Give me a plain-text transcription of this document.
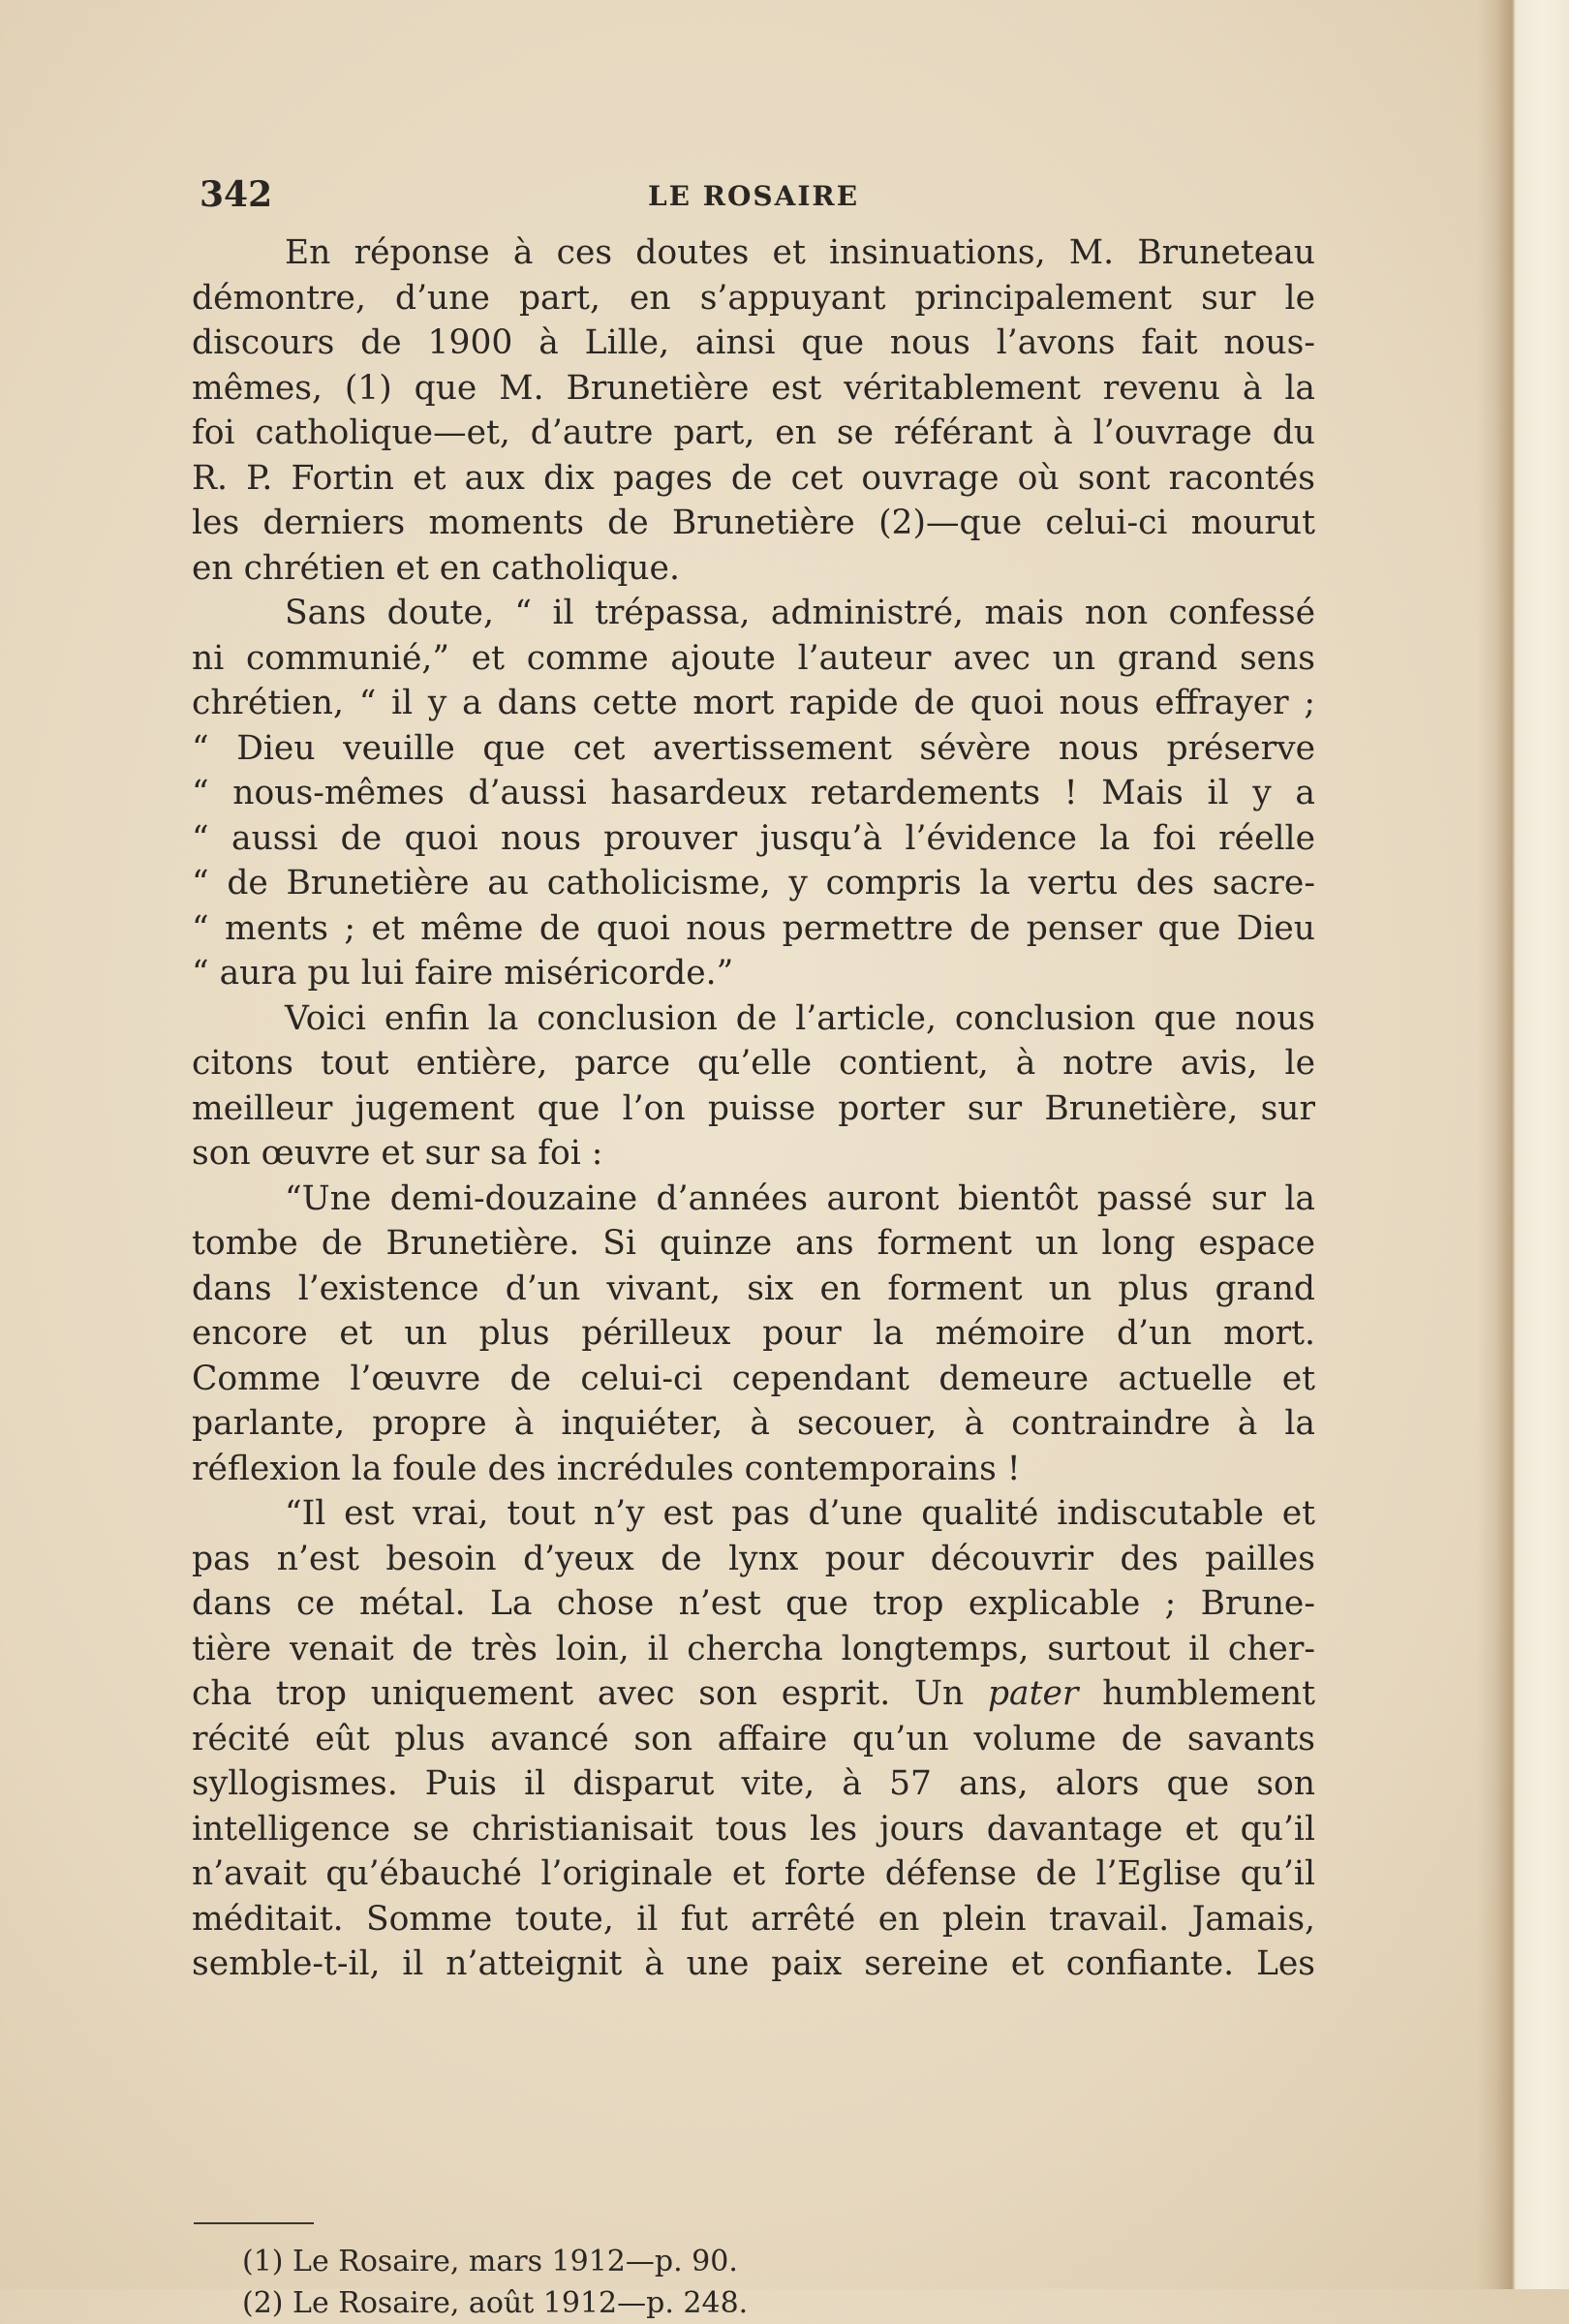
342	LE ROSAIRE
En réponse à ces doutes et insinuations, M. Bruneteau
démontre, d’une part, en s’appuyant principalement sur le
discours de 1900 à Lille, ainsi que nous l’avons fait nous-
mêmes, (1) que M. Brunetière est véritablement revenu à la
foi catholique—et, d’autre part, en se référant à l’ouvrage du
R. P. Fortin et aux dix pages de cet ouvrage où sont racontés
les derniers moments de Brunetière (2)—que celui-ci mourut
en chrétien et en catholique.
Sans doute, “ il trépassa, administré, mais non confessé
ni communié,” et comme ajoute l’auteur avec un grand sens
chrétien, “ il y a dans cette mort rapide de quoi nous effrayer ;
“ Dieu veuille que cet avertissement sévère nous préserve
“ nous-mêmes d’aussi hasardeux retardements ! Mais il y a
“ aussi de quoi nous prouver jusqu’à l’évidence la foi réelle
“ de Brunetière au catholicisme, y compris la vertu des sacre-
“ ments ; et même de quoi nous permettre de penser que Dieu
“ aura pu lui faire miséricorde.”
Voici enfin la conclusion de l’article, conclusion que nous
citons tout entière, parce qu’elle contient, à notre avis, le
meilleur jugement que l’on puisse porter sur Brunetière, sur
son œuvre et sur sa foi :
“Une demi-douzaine d’années auront bientôt passé sur la
tombe de Brunetière. Si quinze ans forment un long espace
dans l’existence d’un vivant, six en forment un plus grand
encore et un plus périlleux pour la mémoire d’un mort.
Comme l’œuvre de celui-ci cependant demeure actuelle et
parlante, propre à inquiéter, à secouer, à contraindre à la
réflexion la foule des incrédules contemporains !
“Il est vrai, tout n’y est pas d’une qualité indiscutable et
pas n’est besoin d’yeux de lynx pour découvrir des pailles
dans ce métal. La chose n’est que trop explicable ; Brune-
tière venait de très loin, il chercha longtemps, surtout il cher-
cha trop uniquement avec son esprit. Un pater humblement
récité eût plus avancé son affaire qu’un volume de savants
syllogismes. Puis il disparut vite, à 57 ans, alors que son
intelligence se christianisait tous les jours davantage et qu’il
n’avait qu’ébauché l’originale et forte défense de l’Eglise qu’il
méditait. Somme toute, il fut arrêté en plein travail. Jamais,
semble-t-il, il n’atteignit à une paix sereine et confiante. Les
(1) Le Rosaire, mars 1912—p. 90.
(2) Le Rosaire, août 1912—p. 248.
